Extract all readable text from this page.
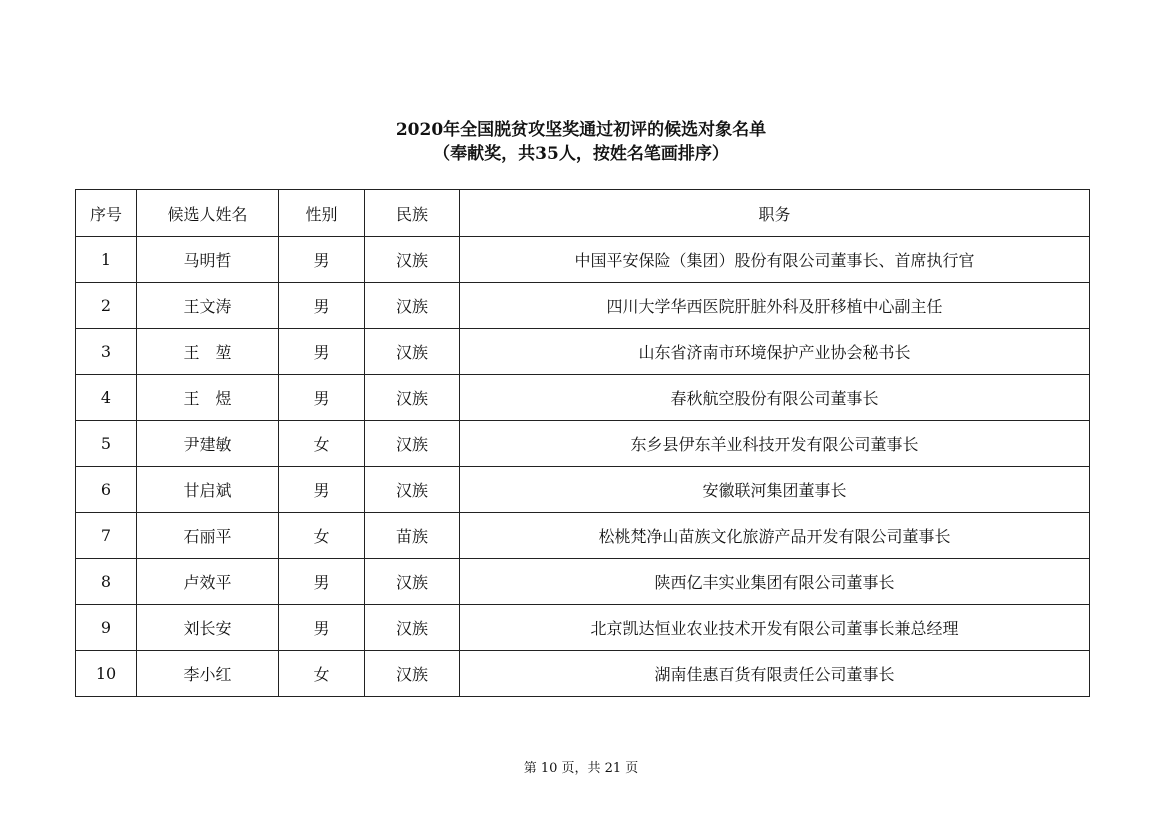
2020年全国脱贫攻坚奖通过初评的候选对象名单
（奉献奖，共35人，按姓名笔画排序）
序号	候选人姓名	性别	民族	职务
1	马明哲	男	汉族	中国平安保险（集团）股份有限公司董事长、首席执行官
2	王文涛	男	汉族	四川大学华西医院肝脏外科及肝移植中心副主任
3	王　堃	男	汉族	山东省济南市环境保护产业协会秘书长
4	王　煜	男	汉族	春秋航空股份有限公司董事长
5	尹建敏	女	汉族	东乡县伊东羊业科技开发有限公司董事长
6	甘启斌	男	汉族	安徽联河集团董事长
7	石丽平	女	苗族	松桃梵净山苗族文化旅游产品开发有限公司董事长
8	卢效平	男	汉族	陕西亿丰实业集团有限公司董事长
9	刘长安	男	汉族	北京凯达恒业农业技术开发有限公司董事长兼总经理
10	李小红	女	汉族	湖南佳惠百货有限责任公司董事长
第 10 页，共 21 页
